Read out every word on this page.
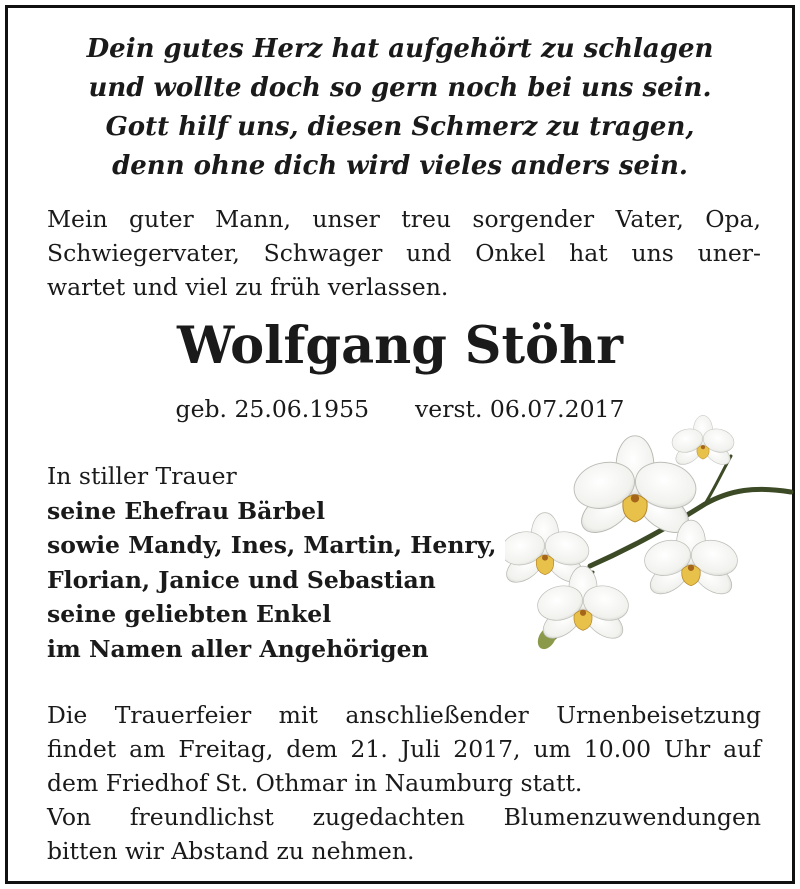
Dein gutes Herz hat aufgehört zu schlagen
und wollte doch so gern noch bei uns sein.
Gott hilf uns, diesen Schmerz zu tragen,
denn ohne dich wird vieles anders sein.
Mein guter Mann, unser treu sorgender Vater, Opa,
Schwiegervater, Schwager und Onkel hat uns uner-
wartet und viel zu früh verlassen.
Wolfgang Stöhr
geb. 25.06.1955 verst. 06.07.2017
In stiller Trauer
seine Ehefrau Bärbel
sowie Mandy, Ines, Martin, Henry,
Florian, Janice und Sebastian
seine geliebten Enkel
im Namen aller Angehörigen
Die Trauerfeier mit anschließender Urnenbeisetzung
findet am Freitag, dem 21. Juli 2017, um 10.00 Uhr auf
dem Friedhof St. Othmar in Naumburg statt.
Von freundlichst zugedachten Blumenzuwendungen
bitten wir Abstand zu nehmen.
